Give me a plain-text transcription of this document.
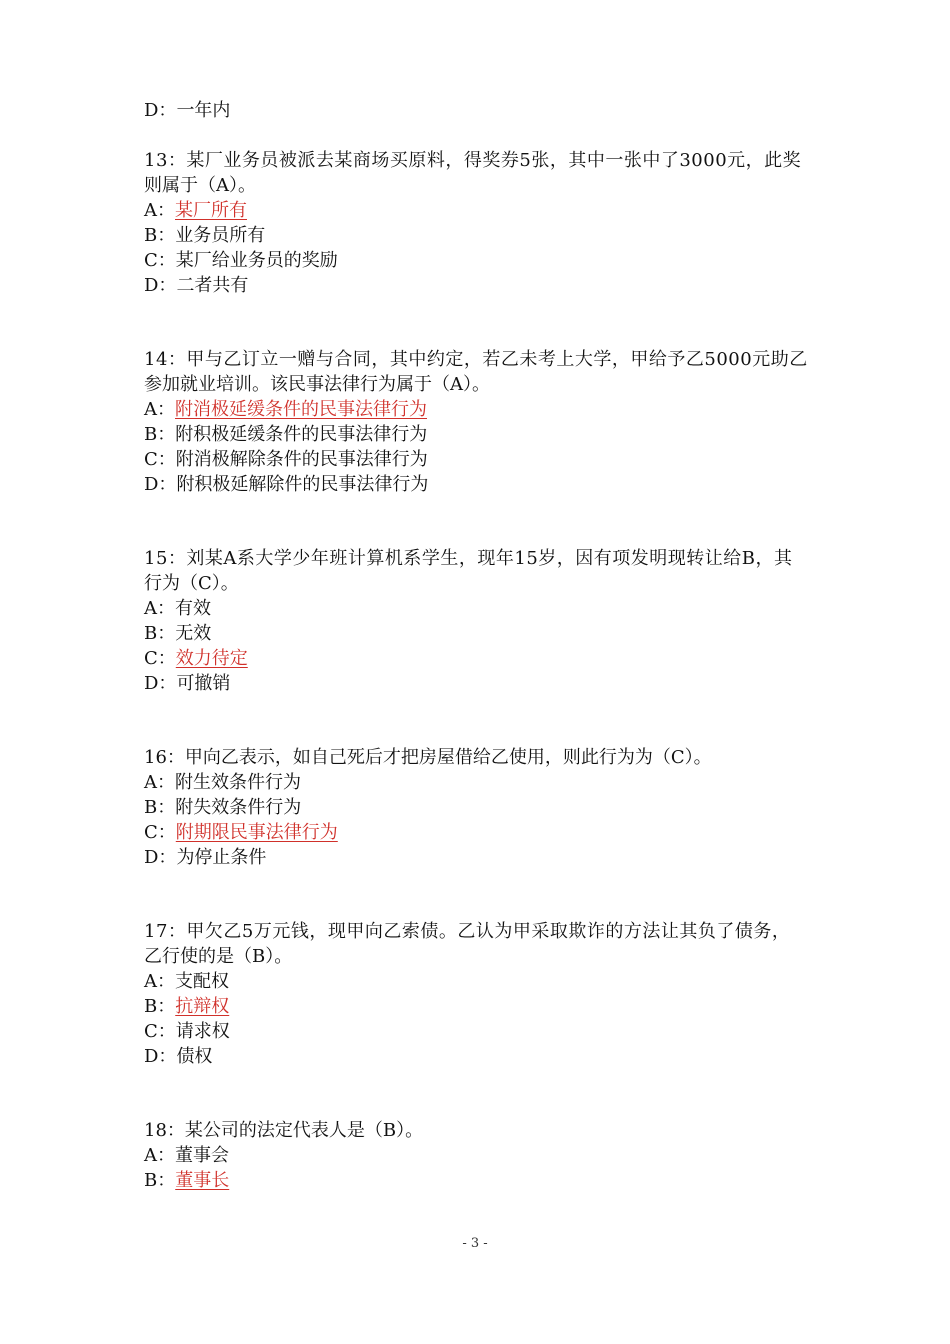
D：一年内
13：某厂业务员被派去某商场买原料，得奖券5张，其中一张中了3000元，此奖
则属于（A）。
A：某厂所有
B：业务员所有
C：某厂给业务员的奖励
D：二者共有
14：甲与乙订立一赠与合同，其中约定，若乙未考上大学，甲给予乙5000元助乙
参加就业培训。该民事法律行为属于（A）。
A：附消极延缓条件的民事法律行为
B：附积极延缓条件的民事法律行为
C：附消极解除条件的民事法律行为
D：附积极延解除件的民事法律行为
15：刘某A系大学少年班计算机系学生，现年15岁，因有项发明现转让给B，其
行为（C）。
A：有效
B：无效
C：效力待定
D：可撤销
16：甲向乙表示，如自己死后才把房屋借给乙使用，则此行为为（C）。
A：附生效条件行为
B：附失效条件行为
C：附期限民事法律行为
D：为停止条件
17：甲欠乙5万元钱，现甲向乙索债。乙认为甲采取欺诈的方法让其负了债务，
乙行使的是（B）。
A：支配权
B：抗辩权
C：请求权
D：债权
18：某公司的法定代表人是（B）。
A：董事会
B：董事长
- 3 -
